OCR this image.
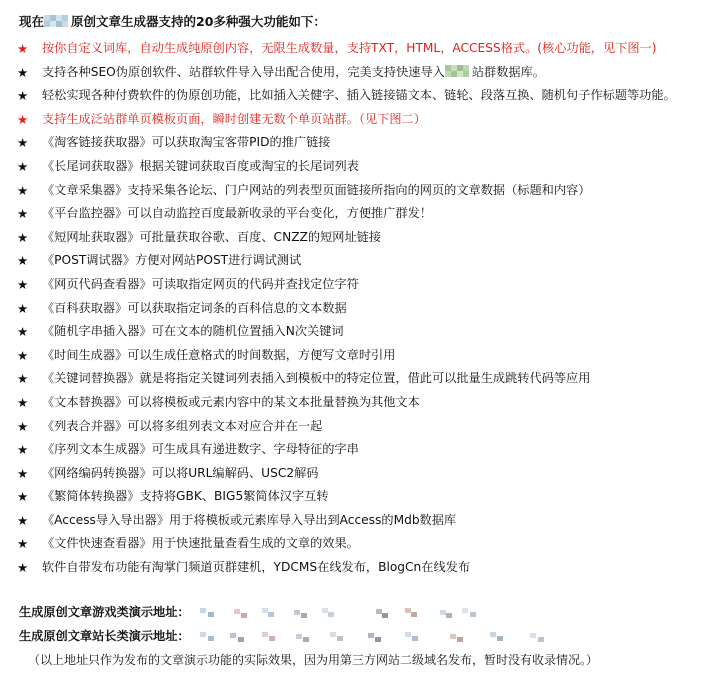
现在 原创文章生成器支持的20多种强大功能如下：
★ 按你自定义词库，自动生成纯原创内容，无限生成数量，支持TXT，HTML，ACCESS格式。(核心功能，见下图一)
★ 支持各种SEO伪原创软件、站群软件导入导出配合使用，完美支持快速导入 站群数据库。
★ 轻松实现各种付费软件的伪原创功能，比如插入关健字、插入链接锚文本、链轮、段落互换、随机句子作标题等功能。
★ 支持生成泛站群单页模板页面，瞬时创建无数个单页站群。（见下图二）
★ 《淘客链接获取器》可以获取淘宝客带PID的推广链接
★ 《长尾词获取器》根据关键词获取百度或淘宝的长尾词列表
★ 《文章采集器》支持采集各论坛、门户网站的列表型页面链接所指向的网页的文章数据（标题和内容）
★ 《平台监控器》可以自动监控百度最新收录的平台变化，方便推广群发！
★ 《短网址获取器》可批量获取谷歌、百度、CNZZ的短网址链接
★ 《POST调试器》方便对网站POST进行调试测试
★ 《网页代码查看器》可读取指定网页的代码并查找定位字符
★ 《百科获取器》可以获取指定词条的百科信息的文本数据
★ 《随机字串插入器》可在文本的随机位置插入N次关键词
★ 《时间生成器》可以生成任意格式的时间数据，方便写文章时引用
★ 《关键词替换器》就是将指定关键词列表插入到模板中的特定位置，借此可以批量生成跳转代码等应用
★ 《文本替换器》可以将模板或元素内容中的某文本批量替换为其他文本
★ 《列表合并器》可以将多组列表文本对应合并在一起
★ 《序列文本生成器》可生成具有递进数字、字母特征的字串
★ 《网络编码转换器》可以将URL编解码、USC2解码
★ 《繁简体转换器》支持将GBK、BIG5繁简体汉字互转
★ 《Access导入导出器》用于将模板或元素库导入导出到Access的Mdb数据库
★ 《文件快速查看器》用于快速批量查看生成的文章的效果。
★ 软件自带发布功能有淘掌门频道页群建机，YDCMS在线发布，BlogCn在线发布
生成原创文章游戏类演示地址：
生成原创文章站长类演示地址：
（以上地址只作为发布的文章演示功能的实际效果，因为用第三方网站二级域名发布，暂时没有收录情况。）
